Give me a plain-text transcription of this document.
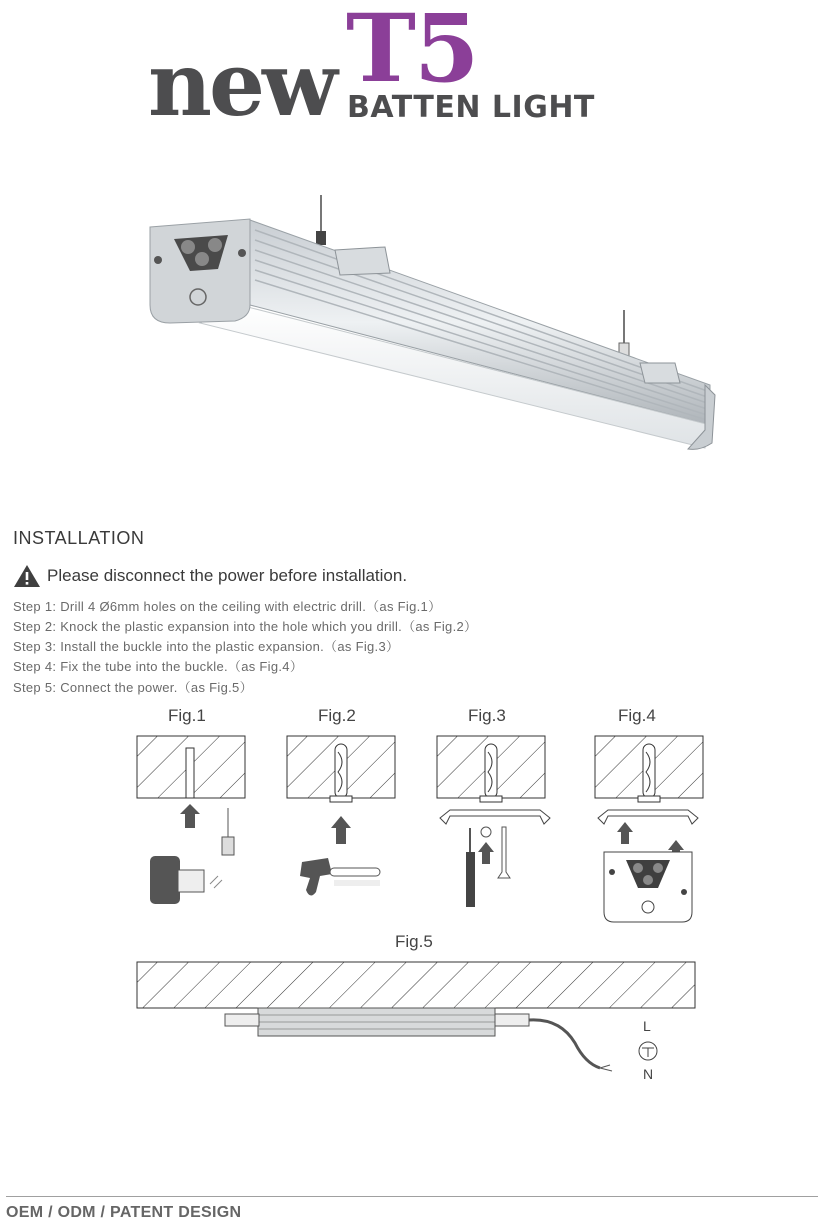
new T5
BATTEN LIGHT
INSTALLATION
Please disconnect the power before installation.
Step 1: Drill 4 Ø6mm holes on the ceiling with electric drill.（as Fig.1）
Step 2: Knock the plastic expansion into the hole which you drill.（as Fig.2）
Step 3: Install the buckle into the plastic expansion.（as Fig.3）
Step 4: Fix the tube into the buckle.（as Fig.4）
Step 5: Connect the power.（as Fig.5）
Fig.1	Fig.2	Fig.3	Fig.4
Fig.5
L
N
OEM / ODM / PATENT DESIGN
